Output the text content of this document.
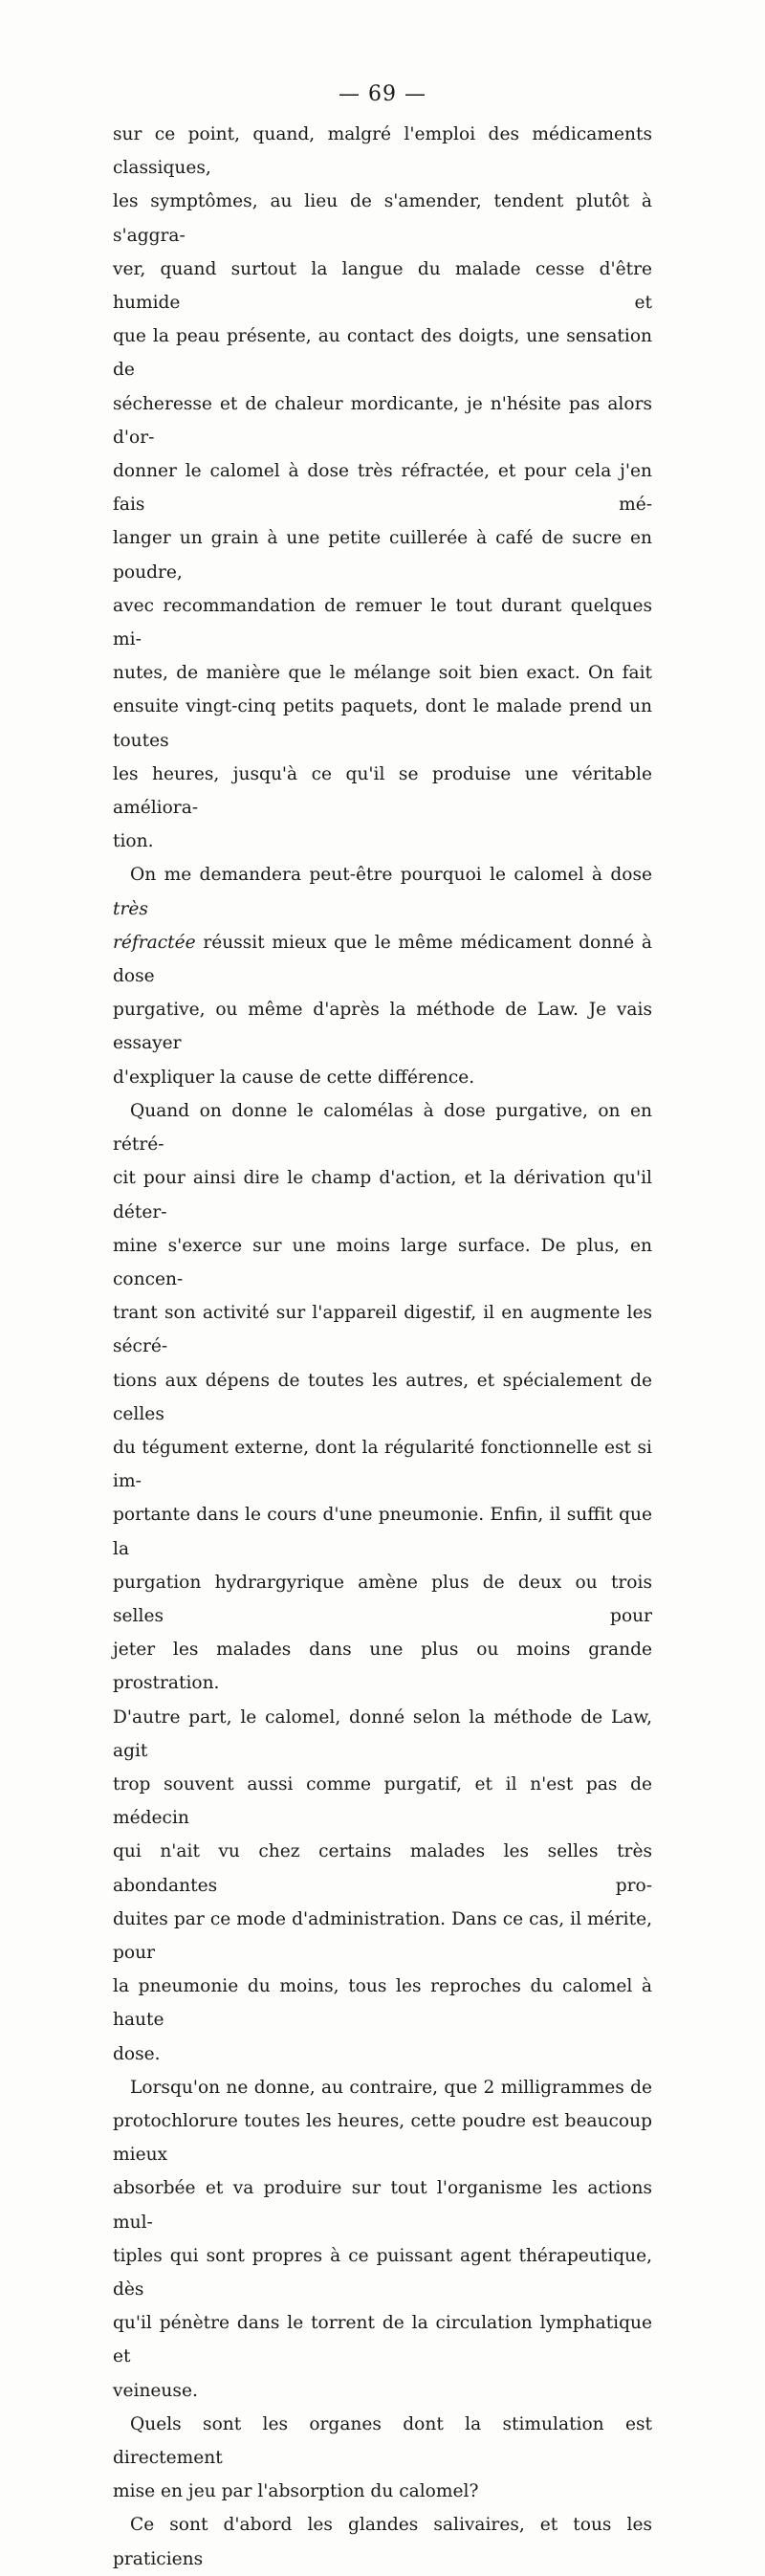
— 69 —

sur ce point, quand, malgré l'emploi des médicaments classiques,

les symptômes, au lieu de s'amender, tendent plutôt à s'aggra-

ver, quand surtout la langue du malade cesse d'être humide et

que la peau présente, au contact des doigts, une sensation de

sécheresse et de chaleur mordicante, je n'hésite pas alors d'or-

donner le calomel à dose très réfractée, et pour cela j'en fais mé-

langer un grain à une petite cuillerée à café de sucre en poudre,

avec recommandation de remuer le tout durant quelques mi-

nutes, de manière que le mélange soit bien exact. On fait

ensuite vingt-cinq petits paquets, dont le malade prend un toutes

les heures, jusqu'à ce qu'il se produise une véritable améliora-

tion.

On me demandera peut-être pourquoi le calomel à dose très

réfractée réussit mieux que le même médicament donné à dose

purgative, ou même d'après la méthode de Law. Je vais essayer

d'expliquer la cause de cette différence.

Quand on donne le calomélas à dose purgative, on en rétré-

cit pour ainsi dire le champ d'action, et la dérivation qu'il déter-

mine s'exerce sur une moins large surface. De plus, en concen-

trant son activité sur l'appareil digestif, il en augmente les sécré-

tions aux dépens de toutes les autres, et spécialement de celles

du tégument externe, dont la régularité fonctionnelle est si im-

portante dans le cours d'une pneumonie. Enfin, il suffit que la

purgation hydrargyrique amène plus de deux ou trois selles pour

jeter les malades dans une plus ou moins grande prostration.

D'autre part, le calomel, donné selon la méthode de Law, agit

trop souvent aussi comme purgatif, et il n'est pas de médecin

qui n'ait vu chez certains malades les selles très abondantes pro-

duites par ce mode d'administration. Dans ce cas, il mérite, pour

la pneumonie du moins, tous les reproches du calomel à haute

dose.

Lorsqu'on ne donne, au contraire, que 2 milligrammes de

protochlorure toutes les heures, cette poudre est beaucoup mieux

absorbée et va produire sur tout l'organisme les actions mul-

tiples qui sont propres à ce puissant agent thérapeutique, dès

qu'il pénètre dans le torrent de la circulation lymphatique et

veineuse.

Quels sont les organes dont la stimulation est directement

mise en jeu par l'absorption du calomel?

Ce sont d'abord les glandes salivaires, et tous les praticiens
